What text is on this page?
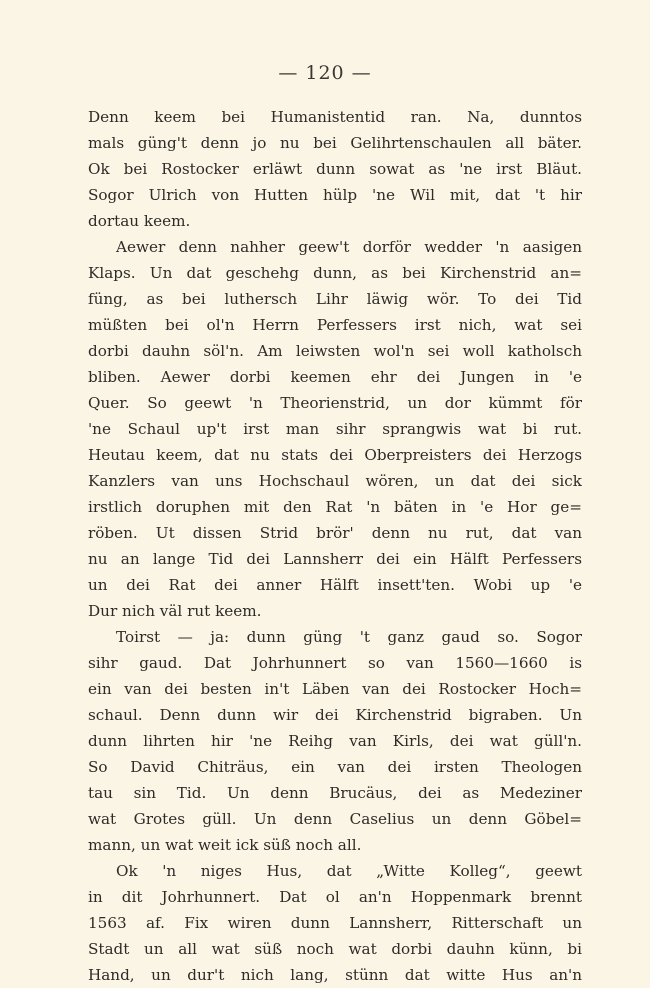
— 120 —
Denn keem bei Humanistentid ran. Na, dunntos
mals güng't denn jo nu bei Gelihrtenschaulen all bäter.
Ok bei Rostocker erläwt dunn sowat as 'ne irst Bläut.
Sogor Ulrich von Hutten hülp 'ne Wil mit, dat 't hir
dortau keem.
Aewer denn nahher geew't dorför wedder 'n aasigen
Klaps. Un dat geschehg dunn, as bei Kirchenstrid an=
füng, as bei luthersch Lihr läwig wör. To dei Tid
müßten bei ol'n Herrn Perfessers irst nich, wat sei
dorbi dauhn söl'n. Am leiwsten wol'n sei woll katholsch
bliben. Aewer dorbi keemen ehr dei Jungen in 'e
Quer. So geewt 'n Theorienstrid, un dor kümmt för
'ne Schaul up't irst man sihr sprangwis wat bi rut.
Heutau keem, dat nu stats dei Oberpreisters dei Herzogs
Kanzlers van uns Hochschaul wören, un dat dei sick
irstlich doruphen mit den Rat 'n bäten in 'e Hor ge=
röben. Ut dissen Strid brör' denn nu rut, dat van
nu an lange Tid dei Lannsherr dei ein Hälft Perfessers
un dei Rat dei anner Hälft insett'ten. Wobi up 'e
Dur nich väl rut keem.
Toirst — ja: dunn güng 't ganz gaud so. Sogor
sihr gaud. Dat Johrhunnert so van 1560—1660 is
ein van dei besten in't Läben van dei Rostocker Hoch=
schaul. Denn dunn wir dei Kirchenstrid bigraben. Un
dunn lihrten hir 'ne Reihg van Kirls, dei wat güll'n.
So David Chiträus, ein van dei irsten Theologen
tau sin Tid. Un denn Brucäus, dei as Medeziner
wat Grotes güll. Un denn Caselius un denn Göbel=
mann, un wat weit ick süß noch all.
Ok 'n niges Hus, dat „Witte Kolleg“, geewt
in dit Johrhunnert. Dat ol an'n Hoppenmark brennt
1563 af. Fix wiren dunn Lannsherr, Ritterschaft un
Stadt un all wat süß noch wat dorbi dauhn künn, bi
Hand, un dur't nich lang, stünn dat witte Hus an'n
